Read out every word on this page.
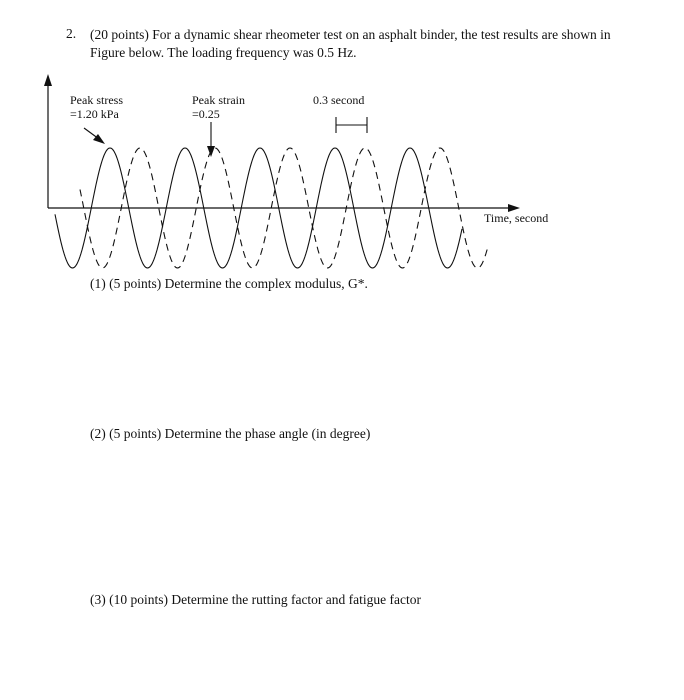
2. (20 points) For a dynamic shear rheometer test on an asphalt binder, the test results are shown in
Figure below. The loading frequency was 0.5 Hz.
Peak stress
=1.20 kPa
Peak strain
=0.25
0.3 second
Time, second
(1) (5 points) Determine the complex modulus, G*.
(2) (5 points) Determine the phase angle (in degree)
(3) (10 points) Determine the rutting factor and fatigue factor
